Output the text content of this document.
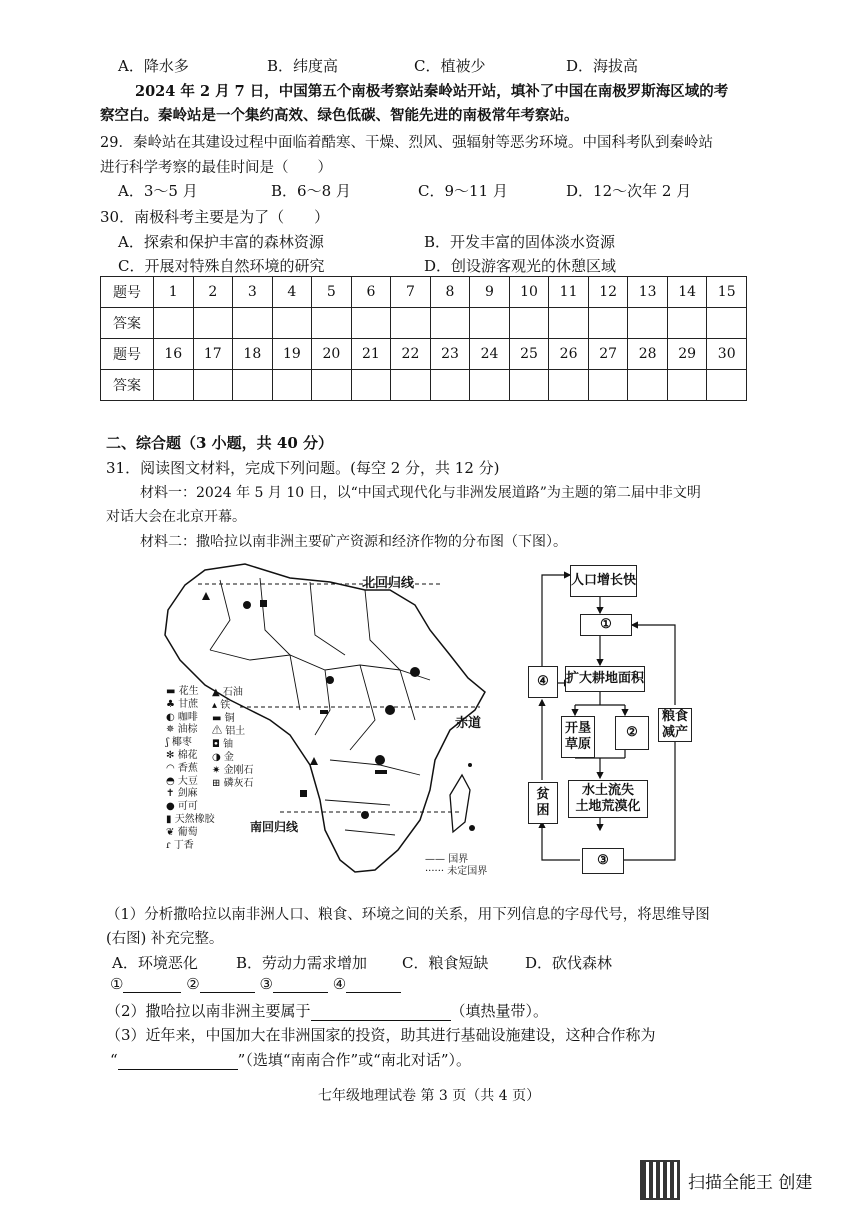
A．降水多	B．纬度高	C．植被少	D．海拔高
2024 年 2 月 7 日，中国第五个南极考察站秦岭站开站，填补了中国在南极罗斯海区域的考
察空白。秦岭站是一个集约高效、绿色低碳、智能先进的南极常年考察站。
29．秦岭站在其建设过程中面临着酷寒、干燥、烈风、强辐射等恶劣环境。中国科考队到秦岭站
进行科学考察的最佳时间是（　　）
A．3～5 月	B．6～8 月	C．9～11 月	D．12～次年 2 月
30．南极科考主要是为了（　　）
A．探索和保护丰富的森林资源	B．开发丰富的固体淡水资源
C．开展对特殊自然环境的研究	D．创设游客观光的休憩区域
题号	1	2	3	4	5	6	7	8	9	10	11	12	13	14	15
答案															
题号	16	17	18	19	20	21	22	23	24	25	26	27	28	29	30
答案															
二、综合题（3 小题，共 40 分）
31．阅读图文材料，完成下列问题。(每空 2 分，共 12 分)
材料一：2024 年 5 月 10 日，以“中国式现代化与非洲发展道路”为主题的第二届中非文明
对话大会在北京开幕。
材料二：撒哈拉以南非洲主要矿产资源和经济作物的分布图（下图）。
北回归线
赤道
南回归线
▬ 花生
♣ 甘蔗
◐ 咖啡
✵ 油棕
ʃ 椰枣
✻ 棉花
◠ 香蕉
◓ 大豆
✝ 剑麻
● 可可
▮ 天然橡胶
❦ 葡萄
ɾ 丁香
▲ 石油
▴ 铁
▬ 铜
⚠ 铝土
◘ 铀
◑ 金
✷ 金刚石
⊞ 磷灰石
—— 国界
······ 未定国界
人口增长快
①
④	扩大耕地面积
开垦
草原
②
粮食
减产
贫
困
水土流失
土地荒漠化
③
（1）分析撒哈拉以南非洲人口、粮食、环境之间的关系，用下列信息的字母代号，将思维导图
(右图) 补充完整。
A．环境恶化	B．劳动力需求增加 C．粮食短缺 D．砍伐森林
①	②	③	④
（2）撒哈拉以南非洲主要属于	（填热量带）。
（3）近年来，中国加大在非洲国家的投资，助其进行基础设施建设，这种合作称为
“	”（选填“南南合作”或“南北对话”）。
七年级地理试卷 第 3 页（共 4 页）
扫描全能王 创建
